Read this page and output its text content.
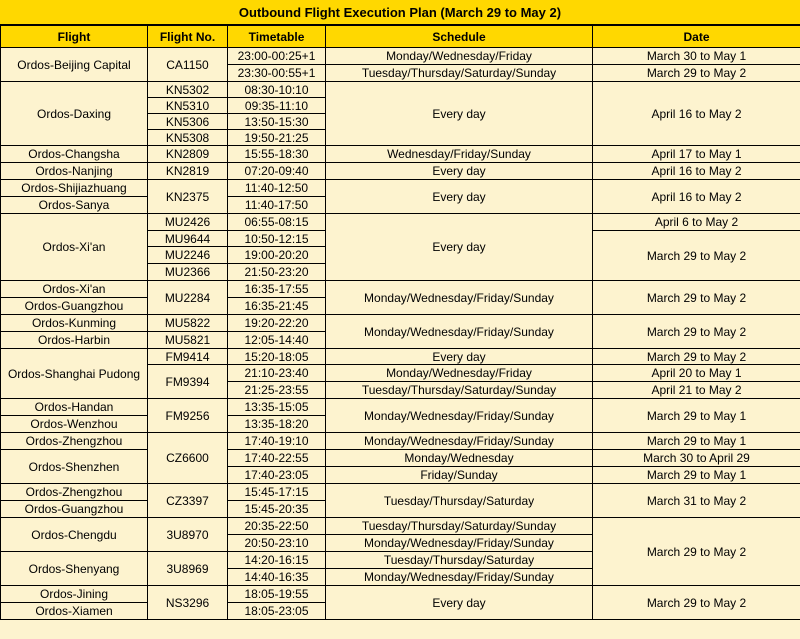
Outbound Flight Execution Plan (March 29 to May 2)
Flight	Flight No.	Timetable	Schedule	Date
Ordos-Beijing Capital	CA1150	23:00-00:25+1	Monday/Wednesday/Friday	March 30 to May 1
		23:30-00:55+1	Tuesday/Thursday/Saturday/Sunday	March 29 to May 2
Ordos-Daxing	KN5302	08:30-10:10	Every day	April 16 to May 2
	KN5310	09:35-11:10		
	KN5306	13:50-15:30		
	KN5308	19:50-21:25		
Ordos-Changsha	KN2809	15:55-18:30	Wednesday/Friday/Sunday	April 17 to May 1
Ordos-Nanjing	KN2819	07:20-09:40	Every day	April 16 to May 2
Ordos-Shijiazhuang	KN2375	11:40-12:50	Every day	April 16 to May 2
Ordos-Sanya		11:40-17:50		
Ordos-Xi'an	MU2426	06:55-08:15	Every day	April 6 to May 2
	MU9644	10:50-12:15		March 29 to May 2
	MU2246	19:00-20:20		
	MU2366	21:50-23:20		
Ordos-Xi'an	MU2284	16:35-17:55	Monday/Wednesday/Friday/Sunday	March 29 to May 2
Ordos-Guangzhou		16:35-21:45		
Ordos-Kunming	MU5822	19:20-22:20	Monday/Wednesday/Friday/Sunday	March 29 to May 2
Ordos-Harbin	MU5821	12:05-14:40		
Ordos-Shanghai Pudong	FM9414	15:20-18:05	Every day	March 29 to May 2
	FM9394	21:10-23:40	Monday/Wednesday/Friday	April 20 to May 1
		21:25-23:55	Tuesday/Thursday/Saturday/Sunday	April 21 to May 2
Ordos-Handan	FM9256	13:35-15:05	Monday/Wednesday/Friday/Sunday	March 29 to May 1
Ordos-Wenzhou		13:35-18:20		
Ordos-Zhengzhou	CZ6600	17:40-19:10	Monday/Wednesday/Friday/Sunday	March 29 to May 1
Ordos-Shenzhen		17:40-22:55	Monday/Wednesday	March 30 to April 29
		17:40-23:05	Friday/Sunday	March 29 to May 1
Ordos-Zhengzhou	CZ3397	15:45-17:15	Tuesday/Thursday/Saturday	March 31 to May 2
Ordos-Guangzhou		15:45-20:35		
Ordos-Chengdu	3U8970	20:35-22:50	Tuesday/Thursday/Saturday/Sunday	March 29 to May 2
		20:50-23:10	Monday/Wednesday/Friday/Sunday	
Ordos-Shenyang	3U8969	14:20-16:15	Tuesday/Thursday/Saturday	
		14:40-16:35	Monday/Wednesday/Friday/Sunday	
Ordos-Jining	NS3296	18:05-19:55	Every day	March 29 to May 2
Ordos-Xiamen		18:05-23:05		
